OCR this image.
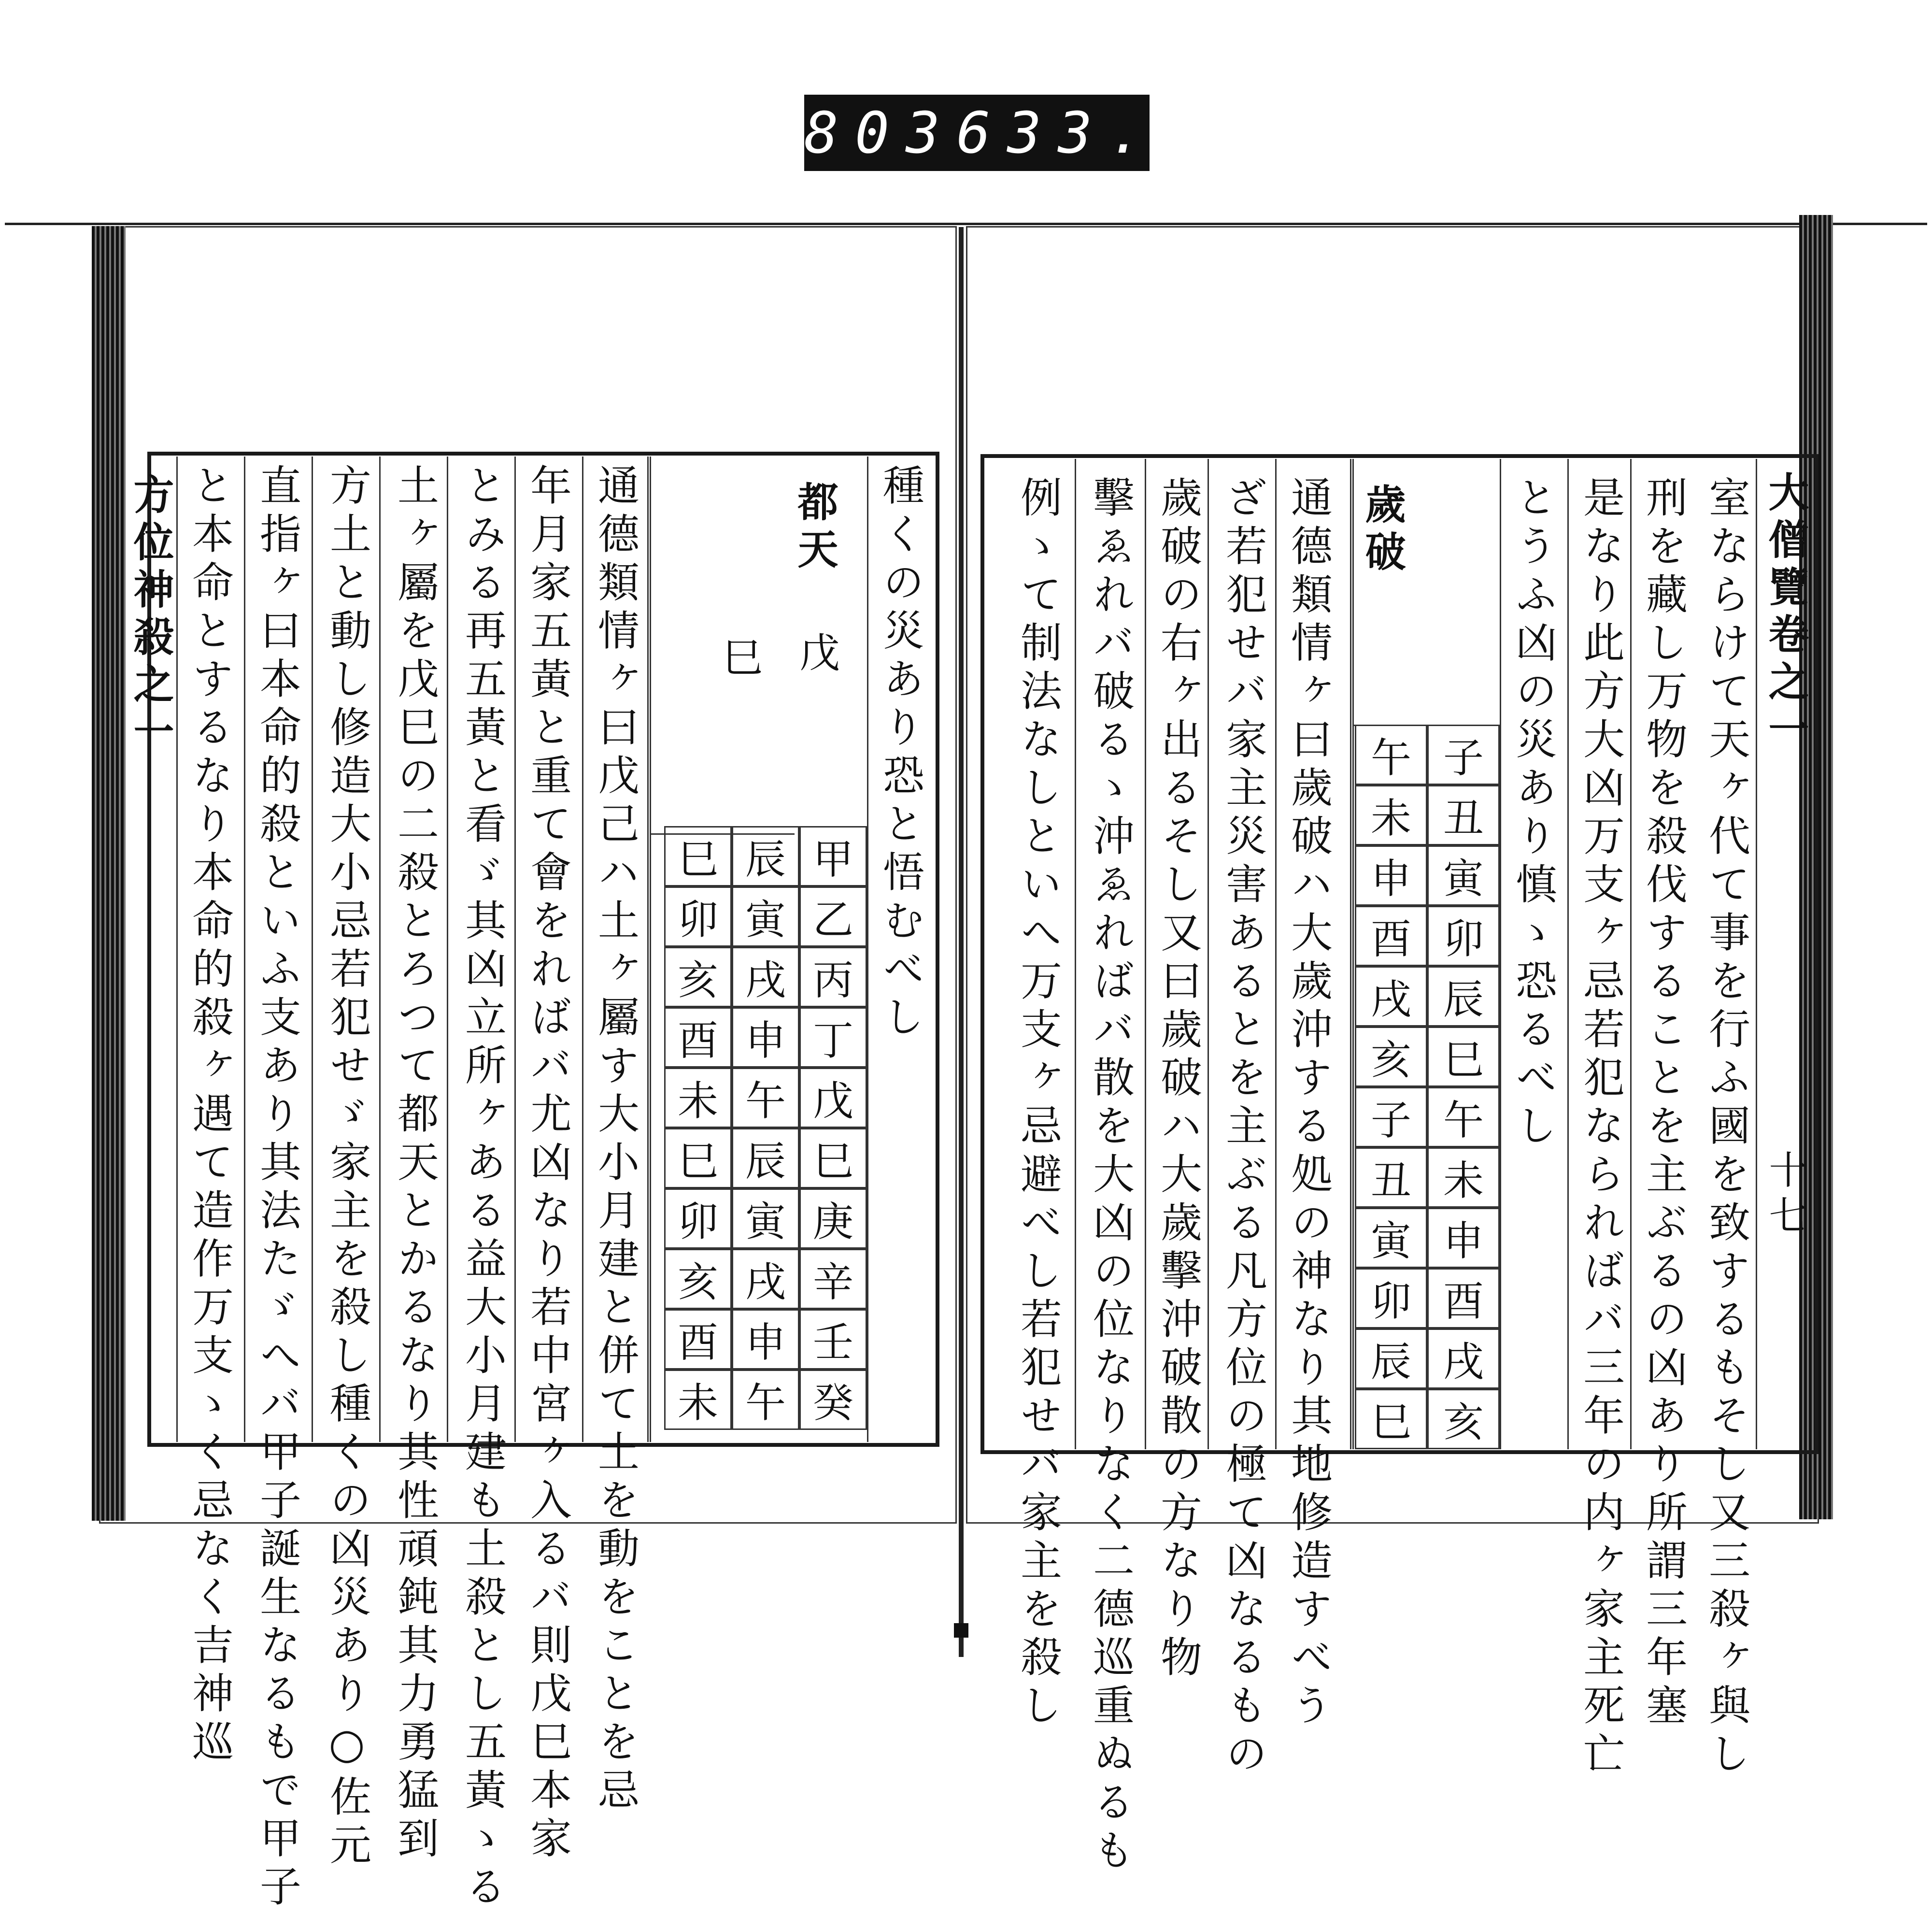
803 633.
大僧覽卷之一
十七
室ならけて天ヶ代て事を行ふ國を致するもそし又三殺ヶ與し
刑を藏し万物を殺伐することを主ぶるの凶あり所謂三年塞
是なり此方大凶万支ヶ忌若犯ならればバ三年の内ヶ家主死亡
とうふ凶の災あり慎ゝ恐るべし
歲破
通德類情ヶ曰歲破ハ大歲沖する処の神なり其地修造すべう
ざ若犯せバ家主災害あるとを主ぶる凡方位の極て凶なるもの
歲破の右ヶ出るそし又曰歲破ハ大歲擊沖破散の方なり物
擊ゑれバ破るゝ沖ゑればバ散を大凶の位なりなく二德巡重ぬるも
例ゝて制法なしといへ万支ヶ忌避べし若犯せバ家主を殺し
種くの災あり恐と悟むべし
都天
戊
巳
通德類情ヶ曰戊己ハ土ヶ屬す大小月建と併て土を動をことを忌
年月家五黃と重て會をればバ尤凶なり若中宮ヶ入るバ則戊巳本家
とみる再五黃と看ゞ其凶立所ヶある益大小月建も土殺とし五黃ゝる
土ヶ屬を戊巳の二殺とろつて都天とかるなり其性頑鈍其力勇猛到
方土と動し修造大小忌若犯せゞ家主を殺し種くの凶災あり○佐元
直指ヶ曰本命的殺といふ支あり其法たゞへバ甲子誕生なるもで甲子
と本命とするなり本命的殺ヶ遇て造作万支ゝく忌なく吉神巡
方位神殺之一
子
午
丑
未
寅
申
卯
酉
辰
戌
巳
亥
午
子
未
丑
申
寅
酉
卯
戌
辰
亥
巳
甲
辰
巳
乙
寅
卯
丙
戌
亥
丁
申
酉
戊
午
未
巳
辰
巳
庚
寅
卯
辛
戌
亥
壬
申
酉
癸
午
未
